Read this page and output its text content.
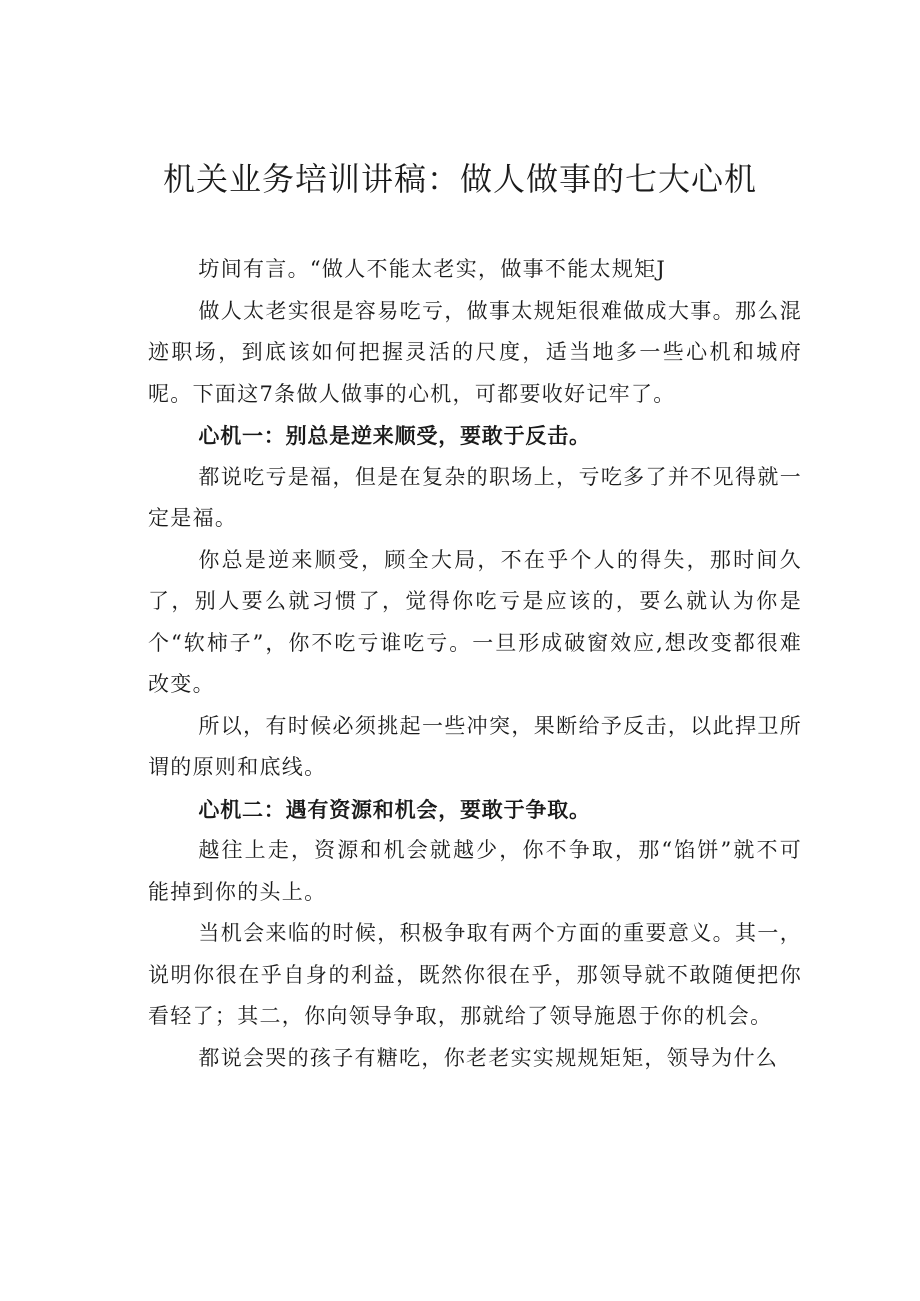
机关业务培训讲稿：做人做事的七大心机

坊间有言。“做人不能太老实，做事不能太规矩J

做人太老实很是容易吃亏，做事太规矩很难做成大事。那么混迹职场，到底该如何把握灵活的尺度，适当地多一些心机和城府呢。下面这7条做人做事的心机，可都要收好记牢了。

心机一：别总是逆来顺受，要敢于反击。

都说吃亏是福，但是在复杂的职场上，亏吃多了并不见得就一定是福。

你总是逆来顺受，顾全大局，不在乎个人的得失，那时间久了，别人要么就习惯了，觉得你吃亏是应该的，要么就认为你是个“软柿子”，你不吃亏谁吃亏。一旦形成破窗效应,想改变都很难改变。

所以，有时候必须挑起一些冲突，果断给予反击，以此捍卫所谓的原则和底线。

心机二：遇有资源和机会，要敢于争取。

越往上走，资源和机会就越少，你不争取，那“馅饼”就不可能掉到你的头上。

当机会来临的时候，积极争取有两个方面的重要意义。其一，说明你很在乎自身的利益，既然你很在乎，那领导就不敢随便把你看轻了；其二，你向领导争取，那就给了领导施恩于你的机会。

都说会哭的孩子有糖吃，你老老实实规规矩矩，领导为什么
